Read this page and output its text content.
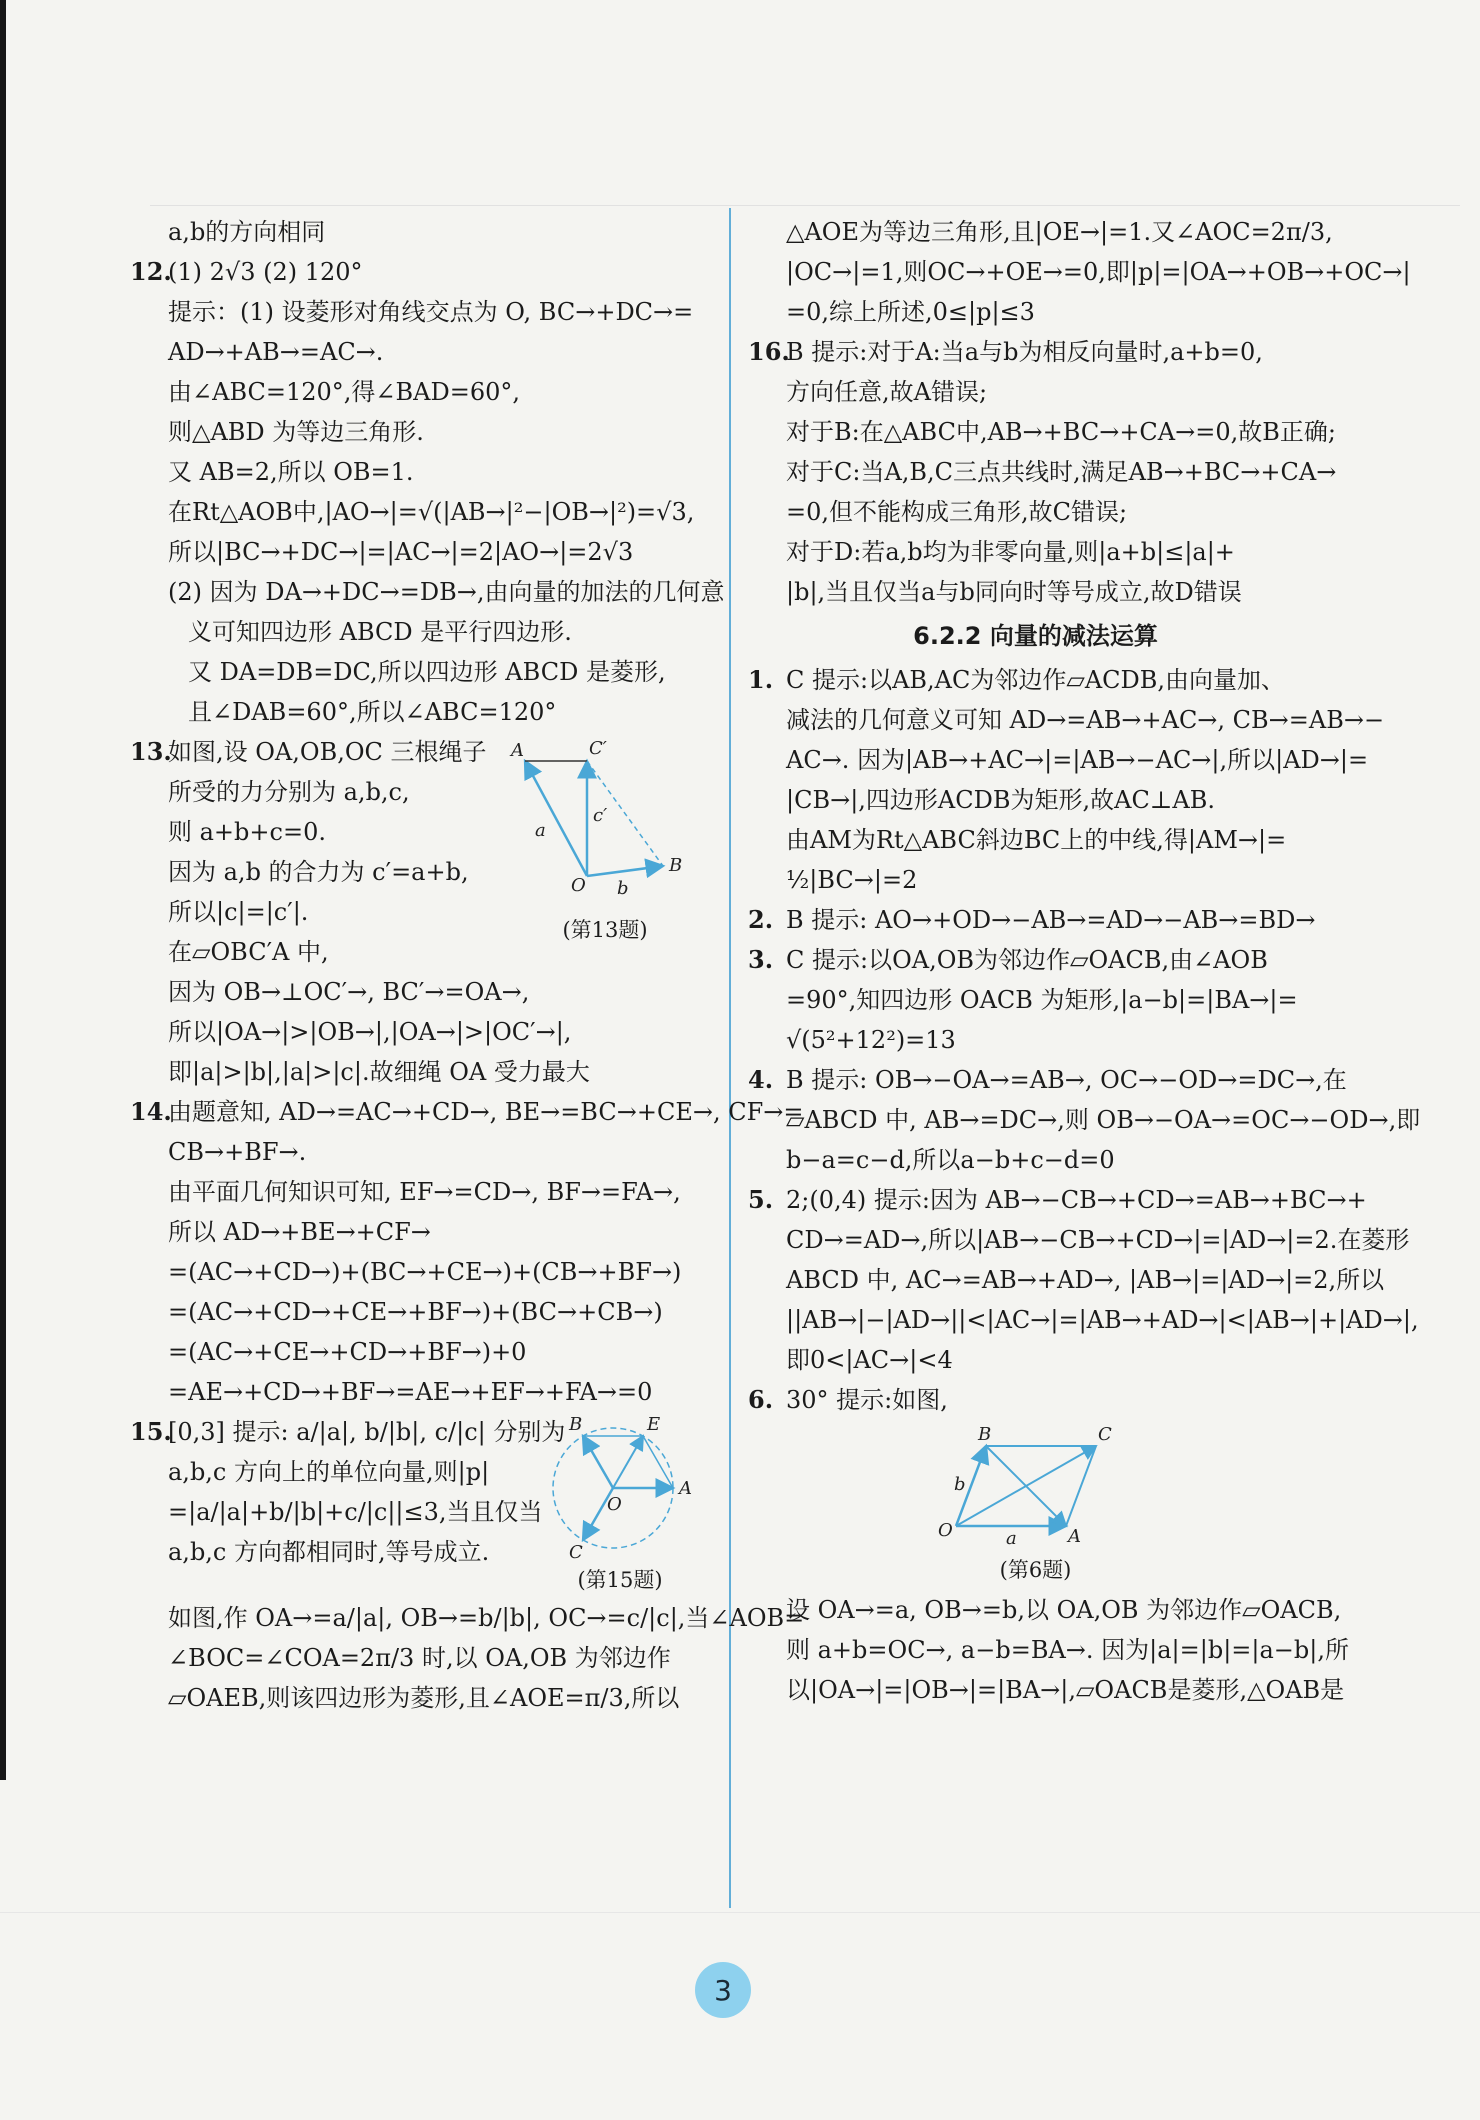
a,b的方向相同
12.(1) 2√3 (2) 120°
提示：(1) 设菱形对角线交点为 O, BC→+DC→=
AD→+AB→=AC→.
由∠ABC=120°,得∠BAD=60°,
则△ABD 为等边三角形.
又 AB=2,所以 OB=1.
在Rt△AOB中,|AO→|=√(|AB→|²−|OB→|²)=√3,
所以|BC→+DC→|=|AC→|=2|AO→|=2√3
(2) 因为 DA→+DC→=DB→,由向量的加法的几何意
义可知四边形 ABCD 是平行四边形.
又 DA=DB=DC,所以四边形 ABCD 是菱形,
且∠DAB=60°,所以∠ABC=120°
A	C′
c′
a
O b
B
(第13题)
13.如图,设 OA,OB,OC 三根绳子
所受的力分别为 a,b,c,
则 a+b+c=0.
因为 a,b 的合力为 c′=a+b,
所以|c|=|c′|.
在▱OBC′A 中,
因为 OB→⊥OC′→, BC′→=OA→,
所以|OA→|>|OB→|,|OA→|>|OC′→|,
即|a|>|b|,|a|>|c|.故细绳 OA 受力最大
14.由题意知, AD→=AC→+CD→, BE→=BC→+CE→, CF→=
CB→+BF→.
由平面几何知识可知, EF→=CD→, BF→=FA→,
所以 AD→+BE→+CF→
=(AC→+CD→)+(BC→+CE→)+(CB→+BF→)
=(AC→+CD→+CE→+BF→)+(BC→+CB→)
=(AC→+CE→+CD→+BF→)+0
=AE→+CD→+BF→=AE→+EF→+FA→=0
B	E
A
O
C
(第15题)
15.[0,3] 提示: a/|a|, b/|b|, c/|c| 分别为
a,b,c 方向上的单位向量,则|p|
=|a/|a|+b/|b|+c/|c||≤3,当且仅当
a,b,c 方向都相同时,等号成立.
如图,作 OA→=a/|a|, OB→=b/|b|, OC→=c/|c|,当∠AOB=
∠BOC=∠COA=2π/3 时,以 OA,OB 为邻边作
▱OAEB,则该四边形为菱形,且∠AOE=π/3,所以
△AOE为等边三角形,且|OE→|=1.又∠AOC=2π/3,
|OC→|=1,则OC→+OE→=0,即|p|=|OA→+OB→+OC→|
=0,综上所述,0≤|p|≤3
16.B 提示:对于A:当a与b为相反向量时,a+b=0,
方向任意,故A错误;
对于B:在△ABC中,AB→+BC→+CA→=0,故B正确;
对于C:当A,B,C三点共线时,满足AB→+BC→+CA→
=0,但不能构成三角形,故C错误;
对于D:若a,b均为非零向量,则|a+b|≤|a|+
|b|,当且仅当a与b同向时等号成立,故D错误
6.2.2 向量的减法运算
1. C 提示:以AB,AC为邻边作▱ACDB,由向量加、
减法的几何意义可知 AD→=AB→+AC→, CB→=AB→−
AC→. 因为|AB→+AC→|=|AB→−AC→|,所以|AD→|=
|CB→|,四边形ACDB为矩形,故AC⊥AB.
由AM为Rt△ABC斜边BC上的中线,得|AM→|=
½|BC→|=2
2. B 提示: AO→+OD→−AB→=AD→−AB→=BD→
3. C 提示:以OA,OB为邻边作▱OACB,由∠AOB
=90°,知四边形 OACB 为矩形,|a−b|=|BA→|=
√(5²+12²)=13
4. B 提示: OB→−OA→=AB→, OC→−OD→=DC→,在
▱ABCD 中, AB→=DC→,则 OB→−OA→=OC→−OD→,即
b−a=c−d,所以a−b+c−d=0
5. 2;(0,4) 提示:因为 AB→−CB→+CD→=AB→+BC→+
CD→=AD→,所以|AB→−CB→+CD→|=|AD→|=2.在菱形
ABCD 中, AC→=AB→+AD→, |AB→|=|AD→|=2,所以
||AB→|−|AD→||<|AC→|=|AB→+AD→|<|AB→|+|AD→|,
即0<|AC→|<4
6. 30° 提示:如图,
B	C
b
O	a	A
(第6题)
设 OA→=a, OB→=b,以 OA,OB 为邻边作▱OACB,
则 a+b=OC→, a−b=BA→. 因为|a|=|b|=|a−b|,所
以|OA→|=|OB→|=|BA→|,▱OACB是菱形,△OAB是
3
